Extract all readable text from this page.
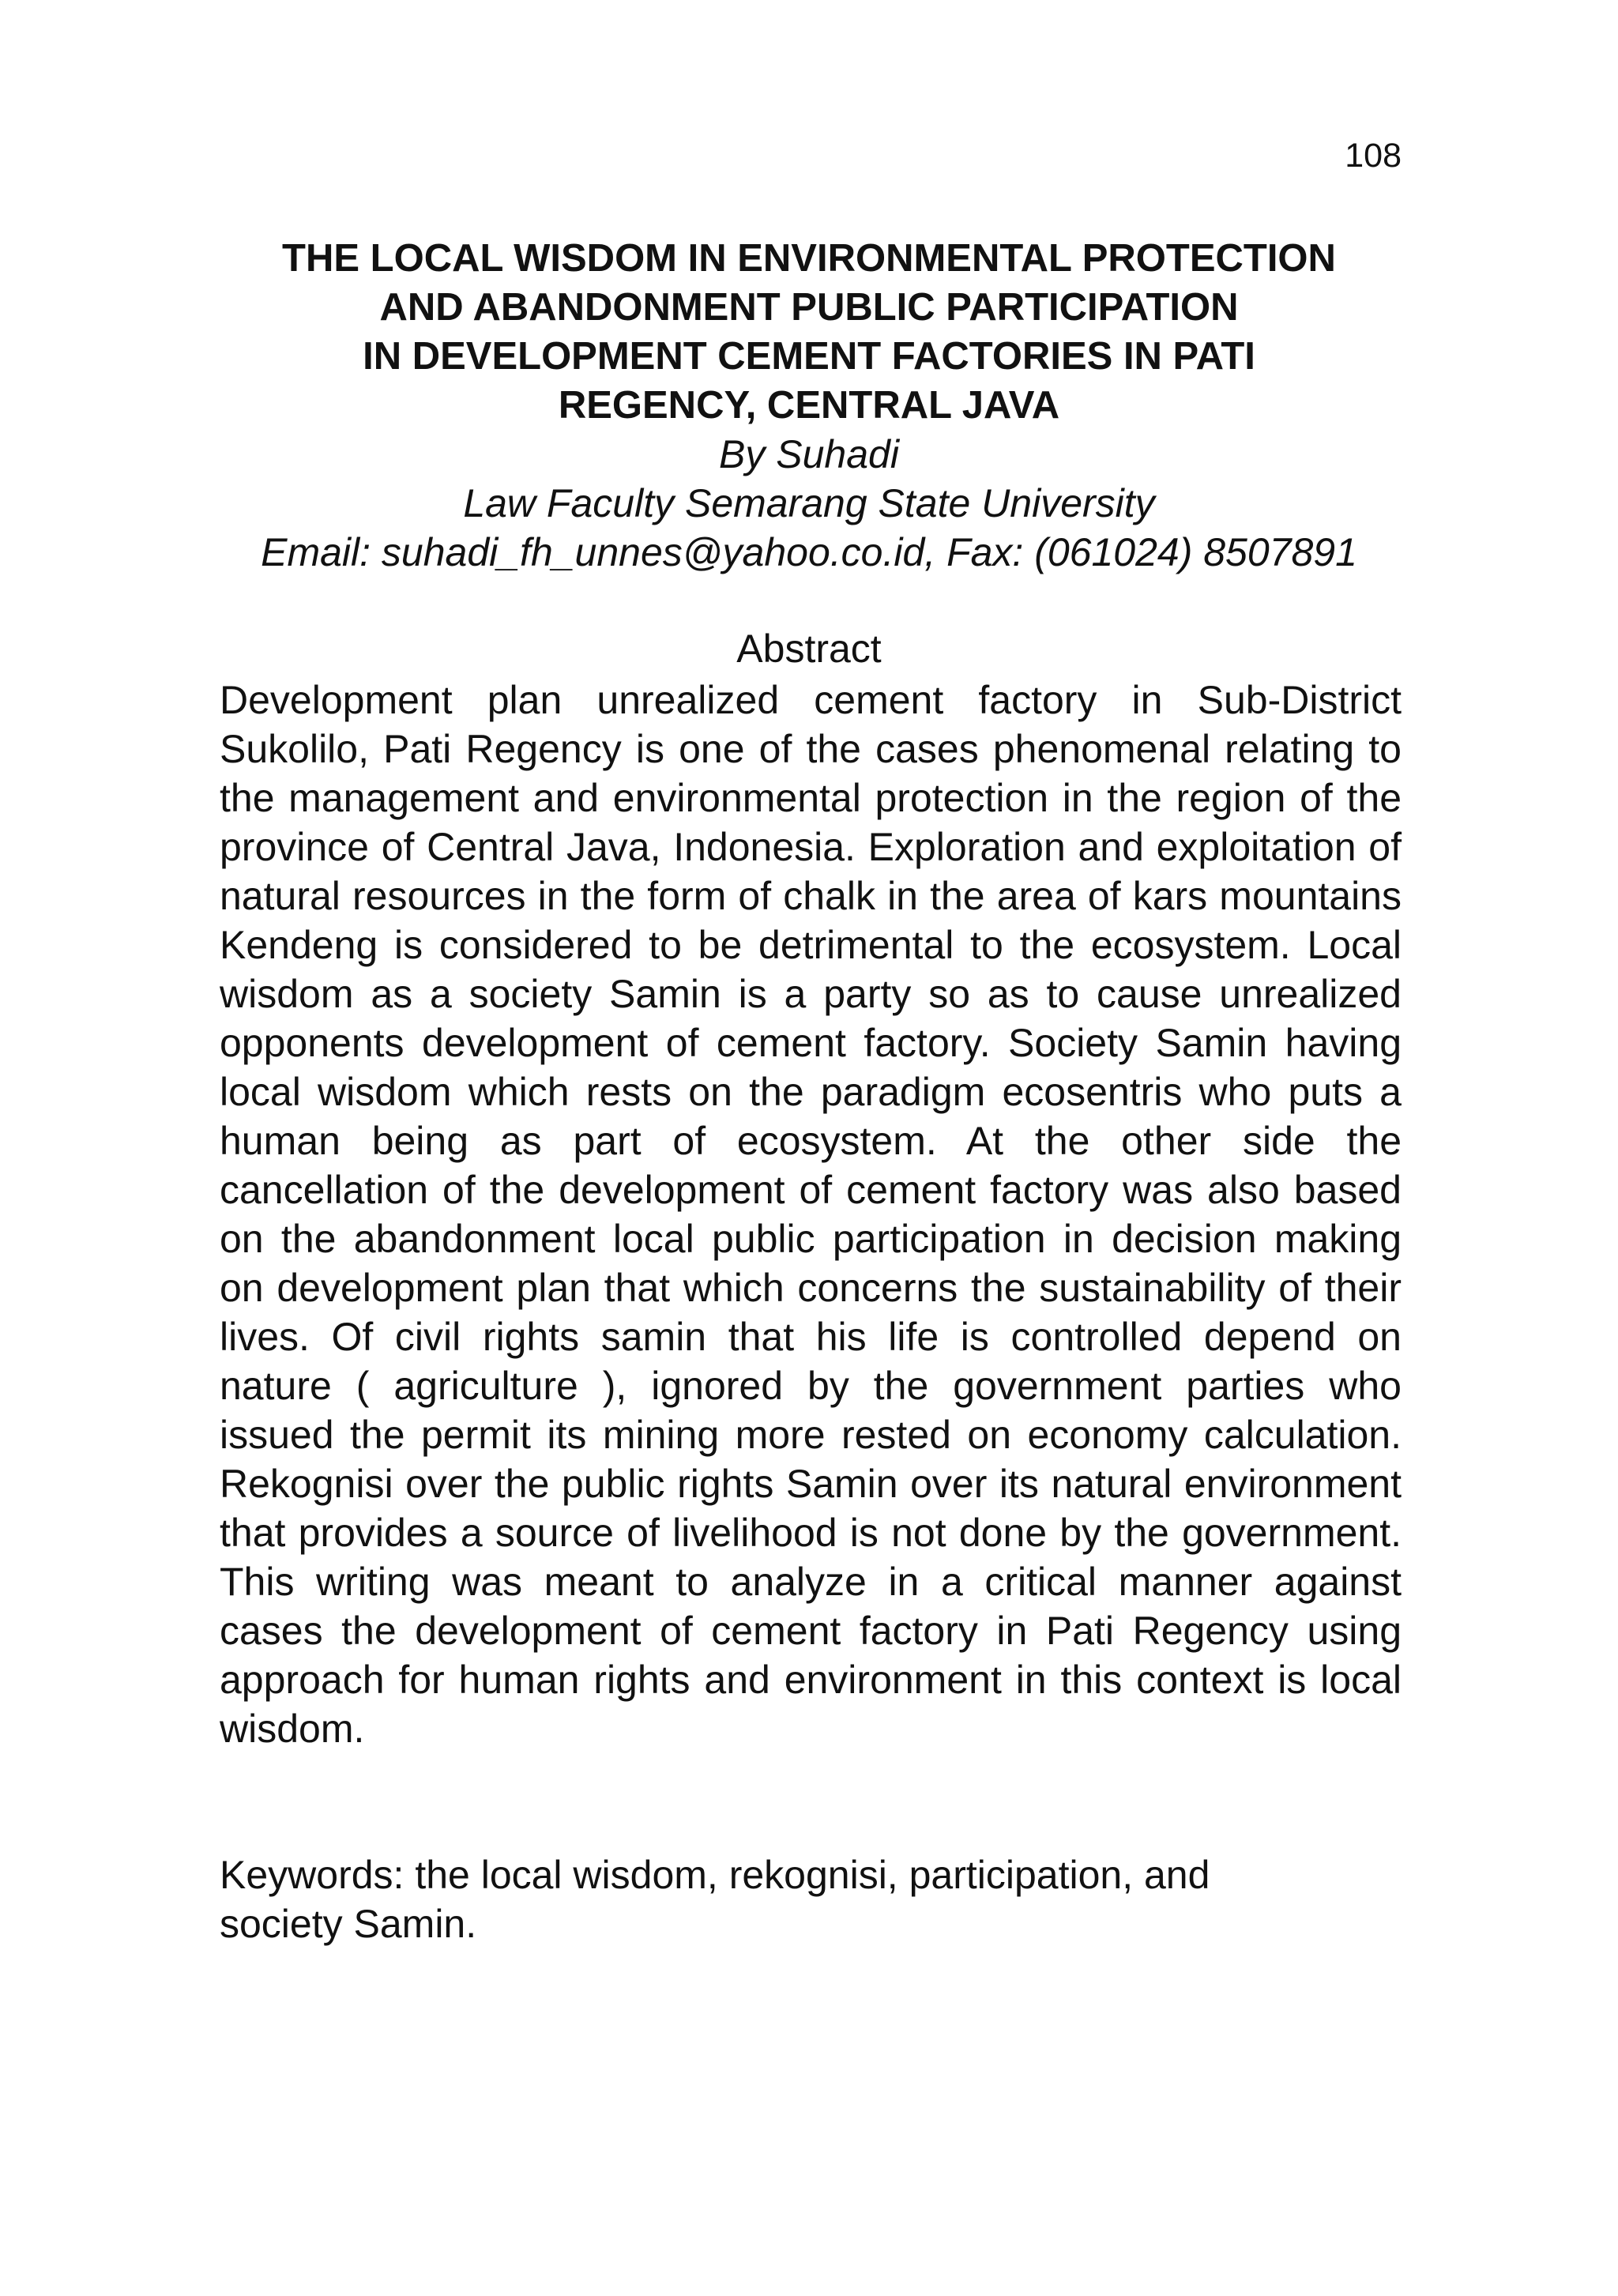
108

THE LOCAL WISDOM IN ENVIRONMENTAL PROTECTION

AND ABANDONMENT PUBLIC PARTICIPATION

IN DEVELOPMENT CEMENT FACTORIES IN PATI

REGENCY, CENTRAL JAVA

By Suhadi

Law Faculty Semarang State University

Email: suhadi_fh_unnes@yahoo.co.id, Fax: (061024) 8507891

Abstract

Development plan unrealized cement factory in Sub-District Sukolilo, Pati Regency is one of the cases phenomenal relating to the management and environmental protection in the region of the province of Central Java, Indonesia. Exploration and exploitation of natural resources in the form of chalk in the area of kars mountains Kendeng is considered to be detrimental to the ecosystem. Local wisdom as a society Samin is a party so as to cause unrealized opponents development of cement factory. Society Samin having local wisdom which rests on the paradigm ecosentris who puts a human being as part of ecosystem. At the other side the cancellation of the development of cement factory was also based on the abandonment local public participation in decision making on development plan that which concerns the sustainability of their lives. Of civil rights samin that his life is controlled depend on nature ( agriculture ), ignored by the government parties who issued the permit its mining more rested on economy calculation. Rekognisi over the public rights Samin over its natural environment that provides a source of livelihood is not done by the government. This writing was meant to analyze in a critical manner against cases the development of cement factory in Pati Regency using approach for human rights and environment in this context is local wisdom.

Keywords: the local wisdom, rekognisi, participation, and society Samin.
